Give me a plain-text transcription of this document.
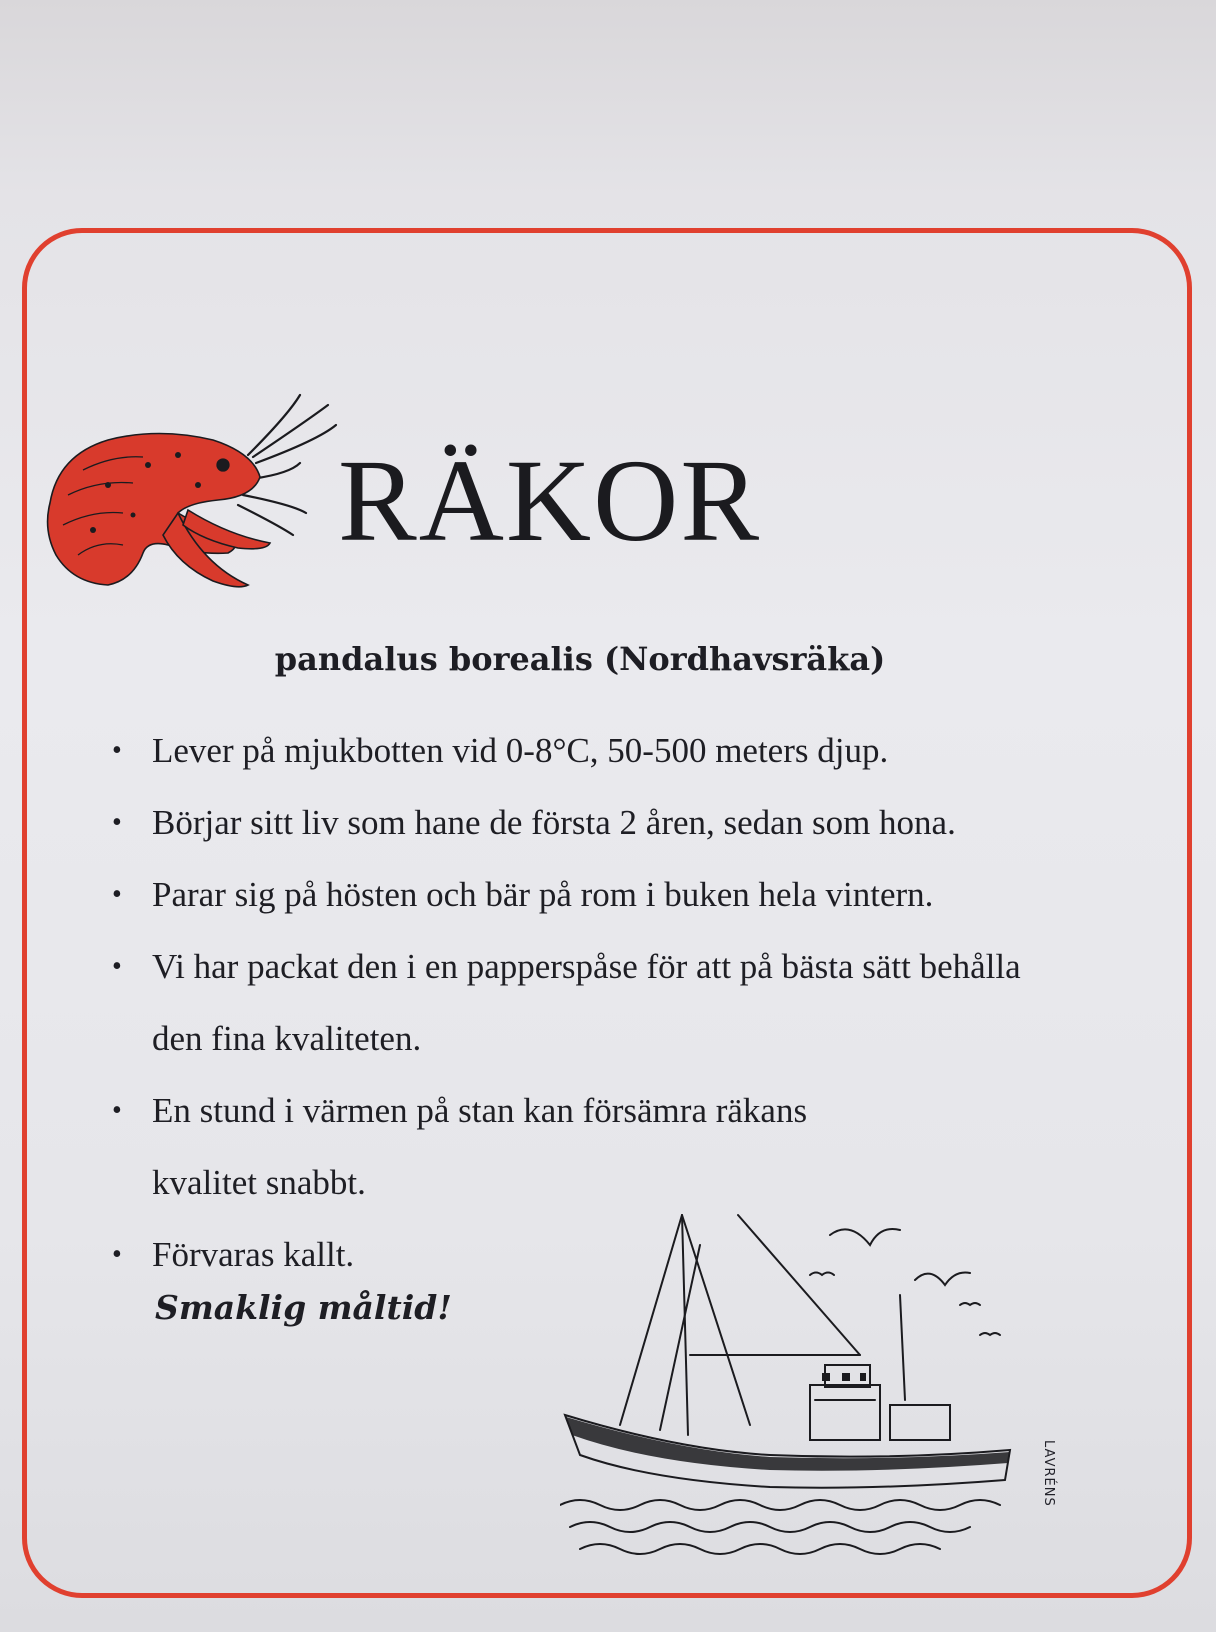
RÄKOR
pandalus borealis (Nordhavsräka)
• Lever på mjukbotten vid 0-8°C, 50-500 meters djup.
• Börjar sitt liv som hane de första 2 åren, sedan som hona.
• Parar sig på hösten och bär på rom i buken hela vintern.
• Vi har packat den i en papperspåse för att på bästa sätt behålla den fina kvaliteten.
• En stund i värmen på stan kan försämra räkans kvalitet snabbt.
• Förvaras kallt.

Smaklig måltid!

LAVRÉNS
